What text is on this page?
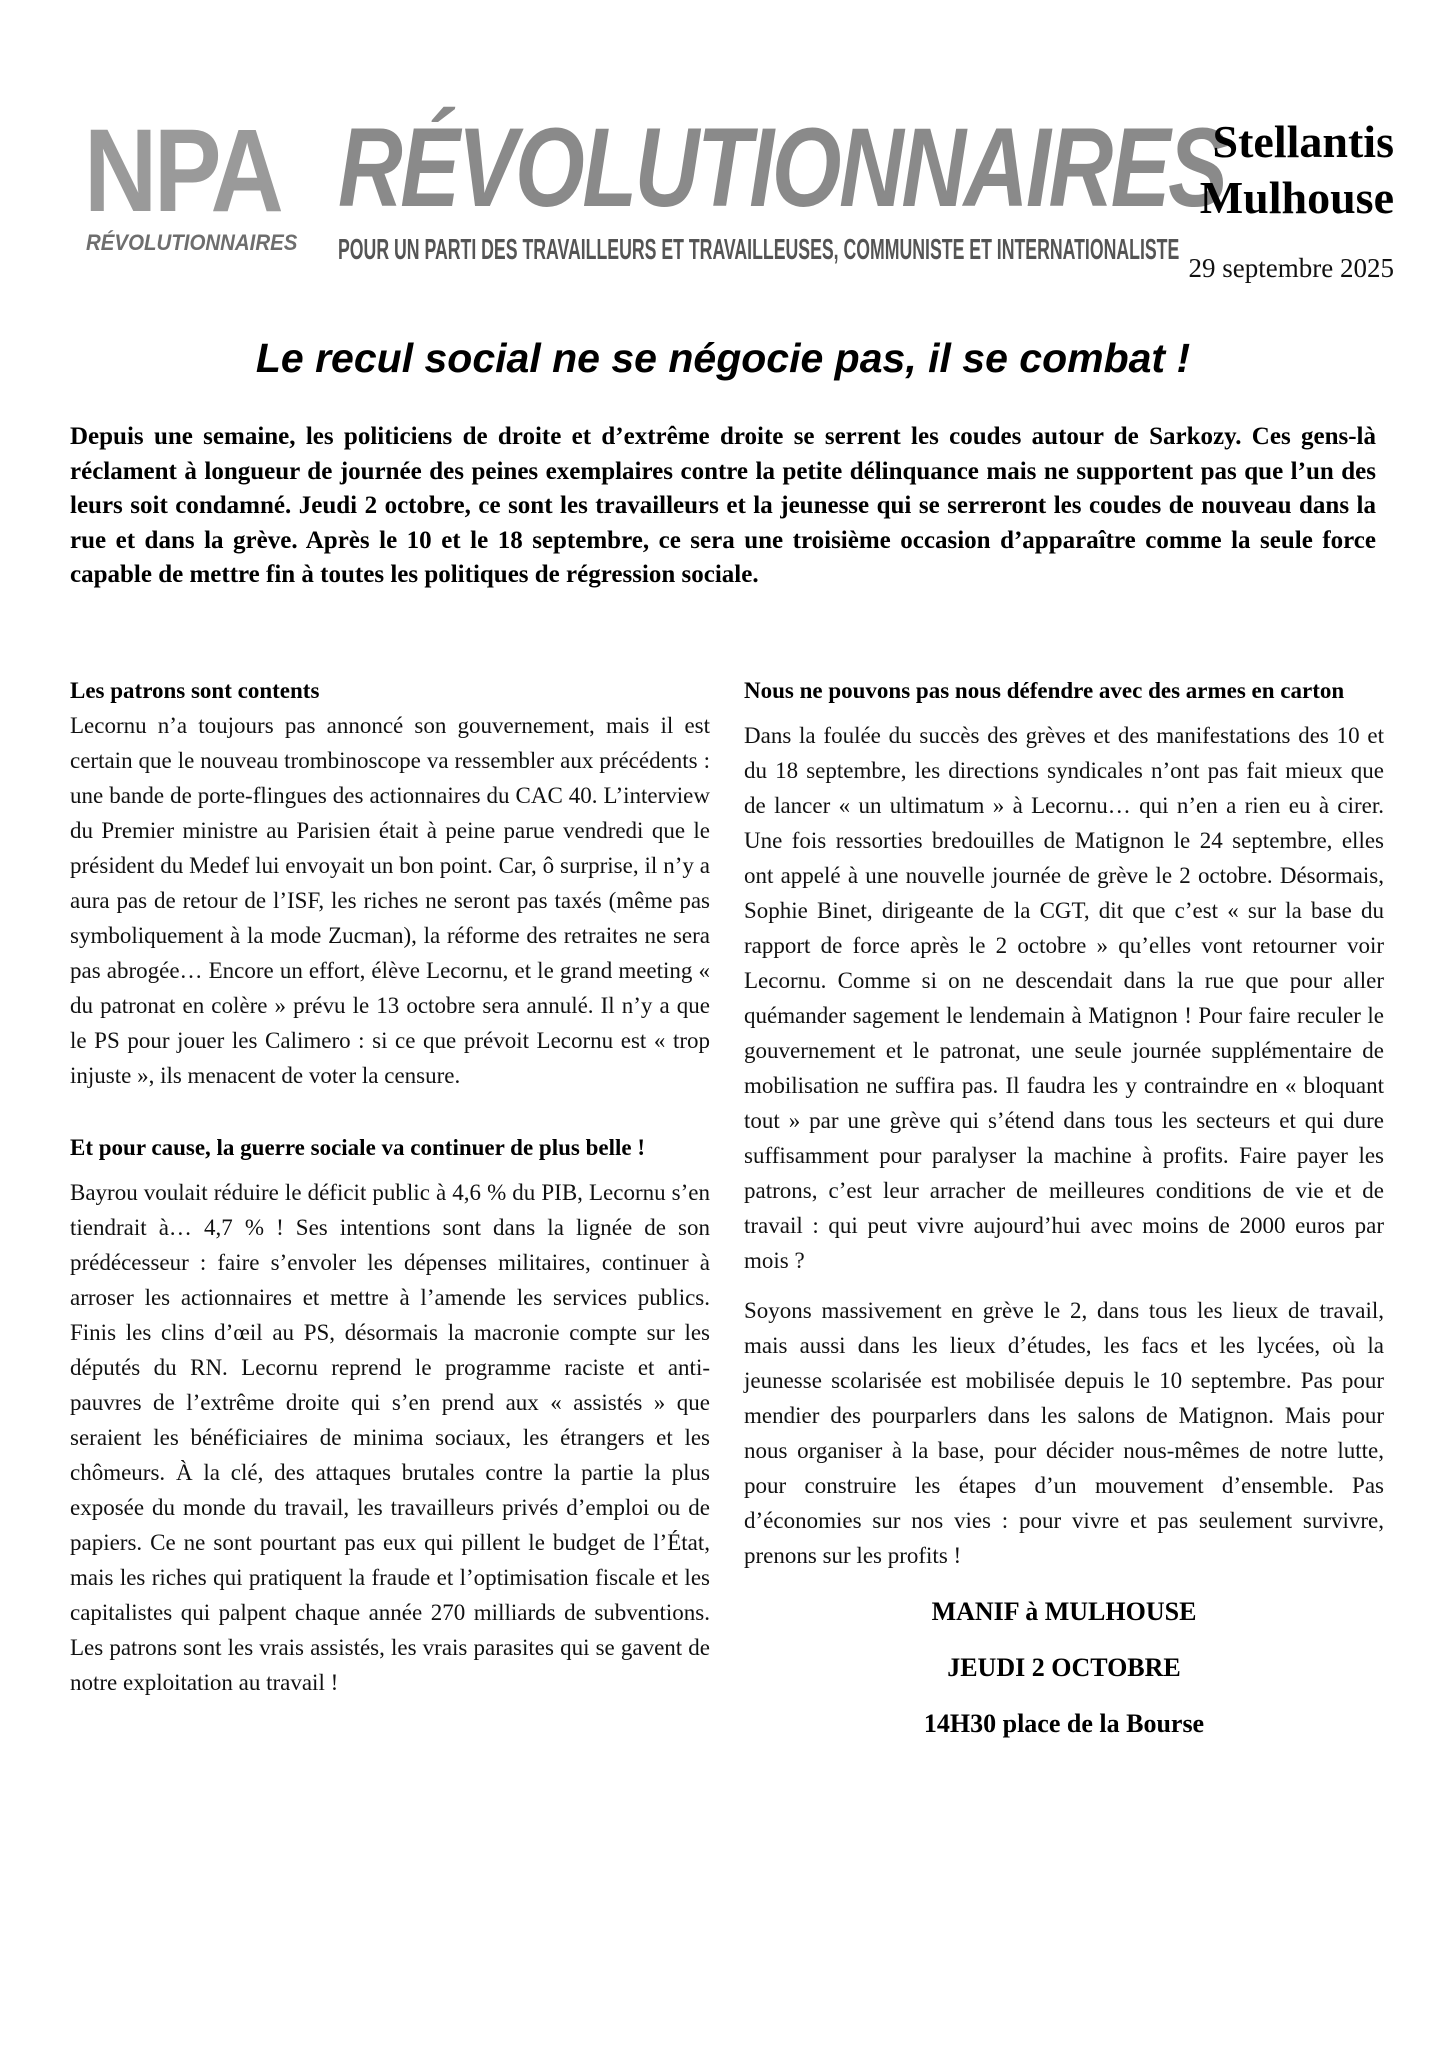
NPA
RÉVOLUTIONNAIRES
RÉVOLUTIONNAIRES
POUR UN PARTI DES TRAVAILLEURS ET TRAVAILLEUSES, COMMUNISTE ET INTERNATIONALISTE
Stellantis
Mulhouse
29 septembre 2025
Le recul social ne se négocie pas, il se combat !
Depuis une semaine, les politiciens de droite et d’extrême droite se serrent les coudes autour de Sarkozy. Ces gens-là réclament à longueur de journée des peines exemplaires contre la petite délinquance mais ne supportent pas que l’un des leurs soit condamné. Jeudi 2 octobre, ce sont les travailleurs et la jeunesse qui se serreront les coudes de nouveau dans la rue et dans la grève. Après le 10 et le 18 septembre, ce sera une troisième occasion d’apparaître comme la seule force capable de mettre fin à toutes les politiques de régression sociale.
Les patrons sont contents

Lecornu n’a toujours pas annoncé son gouvernement, mais il est certain que le nouveau trombinoscope va ressembler aux précédents : une bande de porte-flingues des actionnaires du CAC 40. L’interview du Premier ministre au Parisien était à peine parue vendredi que le président du Medef lui envoyait un bon point. Car, ô surprise, il n’y a aura pas de retour de l’ISF, les riches ne seront pas taxés (même pas symboliquement à la mode Zucman), la réforme des retraites ne sera pas abrogée… Encore un effort, élève Lecornu, et le grand meeting « du patronat en colère » prévu le 13 octobre sera annulé. Il n’y a que le PS pour jouer les Calimero : si ce que prévoit Lecornu est « trop injuste », ils menacent de voter la censure.

Et pour cause, la guerre sociale va continuer de plus belle !

Bayrou voulait réduire le déficit public à 4,6 % du PIB, Lecornu s’en tiendrait à… 4,7 % ! Ses intentions sont dans la lignée de son prédécesseur : faire s’envoler les dépenses militaires, continuer à arroser les actionnaires et mettre à l’amende les services publics. Finis les clins d’œil au PS, désormais la macronie compte sur les députés du RN. Lecornu reprend le programme raciste et anti-pauvres de l’extrême droite qui s’en prend aux « assistés » que seraient les bénéficiaires de minima sociaux, les étrangers et les chômeurs. À la clé, des attaques brutales contre la partie la plus exposée du monde du travail, les travailleurs privés d’emploi ou de papiers. Ce ne sont pourtant pas eux qui pillent le budget de l’État, mais les riches qui pratiquent la fraude et l’optimisation fiscale et les capitalistes qui palpent chaque année 270 milliards de subventions. Les patrons sont les vrais assistés, les vrais parasites qui se gavent de notre exploitation au travail !

Nous ne pouvons pas nous défendre avec des armes en carton

Dans la foulée du succès des grèves et des manifestations des 10 et du 18 septembre, les directions syndicales n’ont pas fait mieux que de lancer « un ultimatum » à Lecornu… qui n’en a rien eu à cirer. Une fois ressorties bredouilles de Matignon le 24 septembre, elles ont appelé à une nouvelle journée de grève le 2 octobre. Désormais, Sophie Binet, dirigeante de la CGT, dit que c’est « sur la base du rapport de force après le 2 octobre » qu’elles vont retourner voir Lecornu. Comme si on ne descendait dans la rue que pour aller quémander sagement le lendemain à Matignon ! Pour faire reculer le gouvernement et le patronat, une seule journée supplémentaire de mobilisation ne suffira pas. Il faudra les y contraindre en « bloquant tout » par une grève qui s’étend dans tous les secteurs et qui dure suffisamment pour paralyser la machine à profits. Faire payer les patrons, c’est leur arracher de meilleures conditions de vie et de travail : qui peut vivre aujourd’hui avec moins de 2000 euros par mois ?

Soyons massivement en grève le 2, dans tous les lieux de travail, mais aussi dans les lieux d’études, les facs et les lycées, où la jeunesse scolarisée est mobilisée depuis le 10 septembre. Pas pour mendier des pourparlers dans les salons de Matignon. Mais pour nous organiser à la base, pour décider nous-mêmes de notre lutte, pour construire les étapes d’un mouvement d’ensemble. Pas d’économies sur nos vies : pour vivre et pas seulement survivre, prenons sur les profits !

MANIF à MULHOUSE
JEUDI 2 OCTOBRE
14H30 place de la Bourse
